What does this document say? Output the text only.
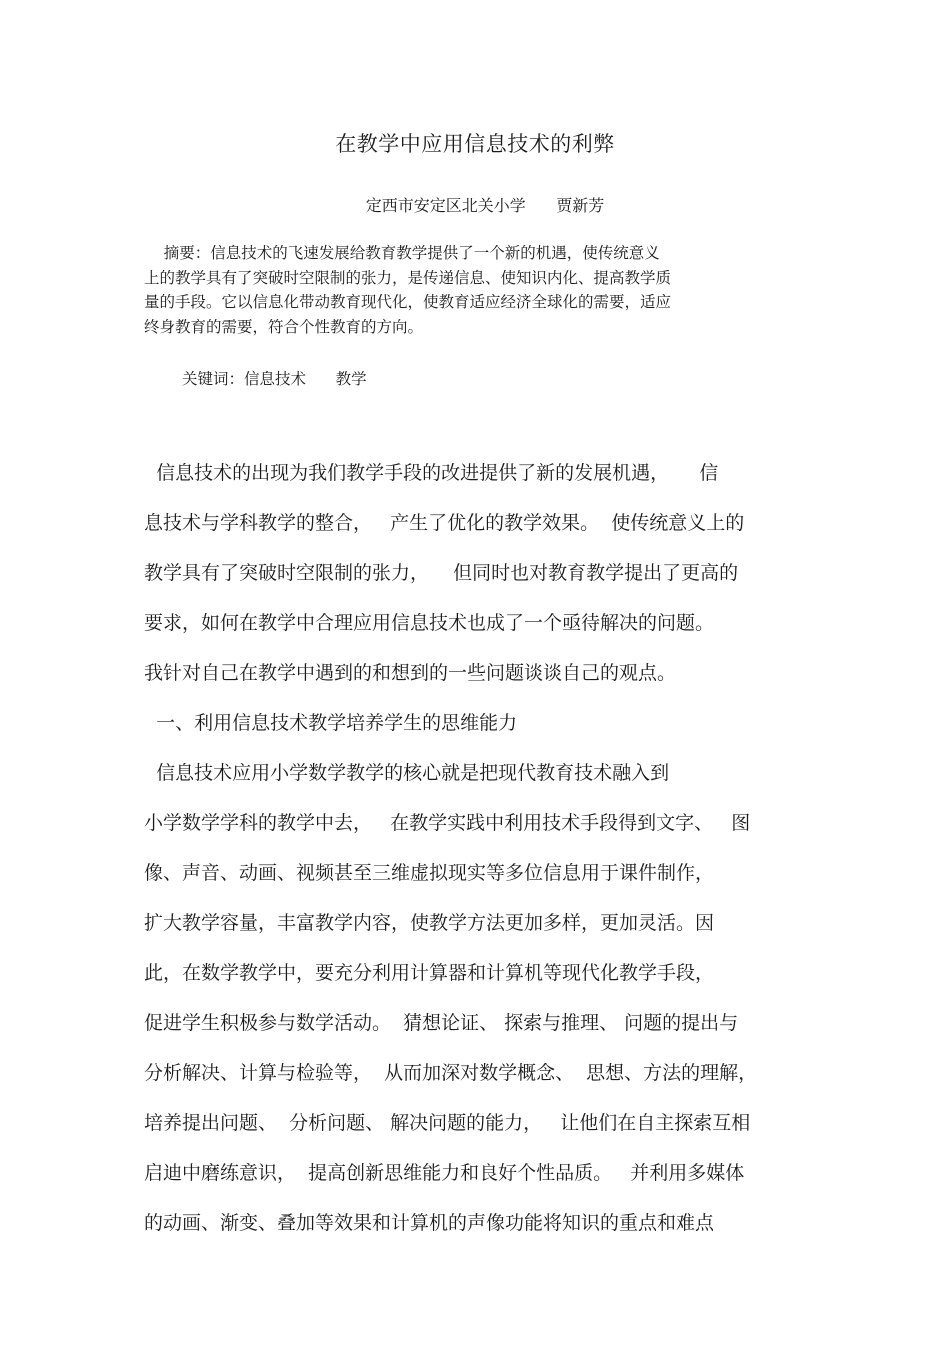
在教学中应用信息技术的利弊
定西市安定区北关小学      贾新芳
摘要：信息技术的飞速发展给教育教学提供了一个新的机遇，使传统意义
上的教学具有了突破时空限制的张力，是传递信息、使知识内化、提高教学质
量的手段。它以信息化带动教育现代化，使教育适应经济全球化的需要，适应
终身教育的需要，符合个性教育的方向。
关键词：信息技术      教学
信息技术的出现为我们教学手段的改进提供了新的发展机遇，     信
息技术与学科教学的整合，   产生了优化的教学效果。  使传统意义上的
教学具有了突破时空限制的张力，    但同时也对教育教学提出了更高的
要求，如何在教学中合理应用信息技术也成了一个亟待解决的问题。
我针对自己在教学中遇到的和想到的一些问题谈谈自己的观点。
一、利用信息技术教学培养学生的思维能力
信息技术应用小学数学教学的核心就是把现代教育技术融入到
小学数学学科的教学中去，   在教学实践中利用技术手段得到文字、   图
像、声音、动画、视频甚至三维虚拟现实等多位信息用于课件制作，
扩大教学容量，丰富教学内容，使教学方法更加多样，更加灵活。因
此，在数学教学中，要充分利用计算器和计算机等现代化教学手段，
促进学生积极参与数学活动。  猜想论证、 探索与推理、 问题的提出与
分析解决、计算与检验等，  从而加深对数学概念、  思想、方法的理解，
培养提出问题、  分析问题、 解决问题的能力，   让他们在自主探索互相
启迪中磨练意识，  提高创新思维能力和良好个性品质。   并利用多媒体
的动画、渐变、叠加等效果和计算机的声像功能将知识的重点和难点
